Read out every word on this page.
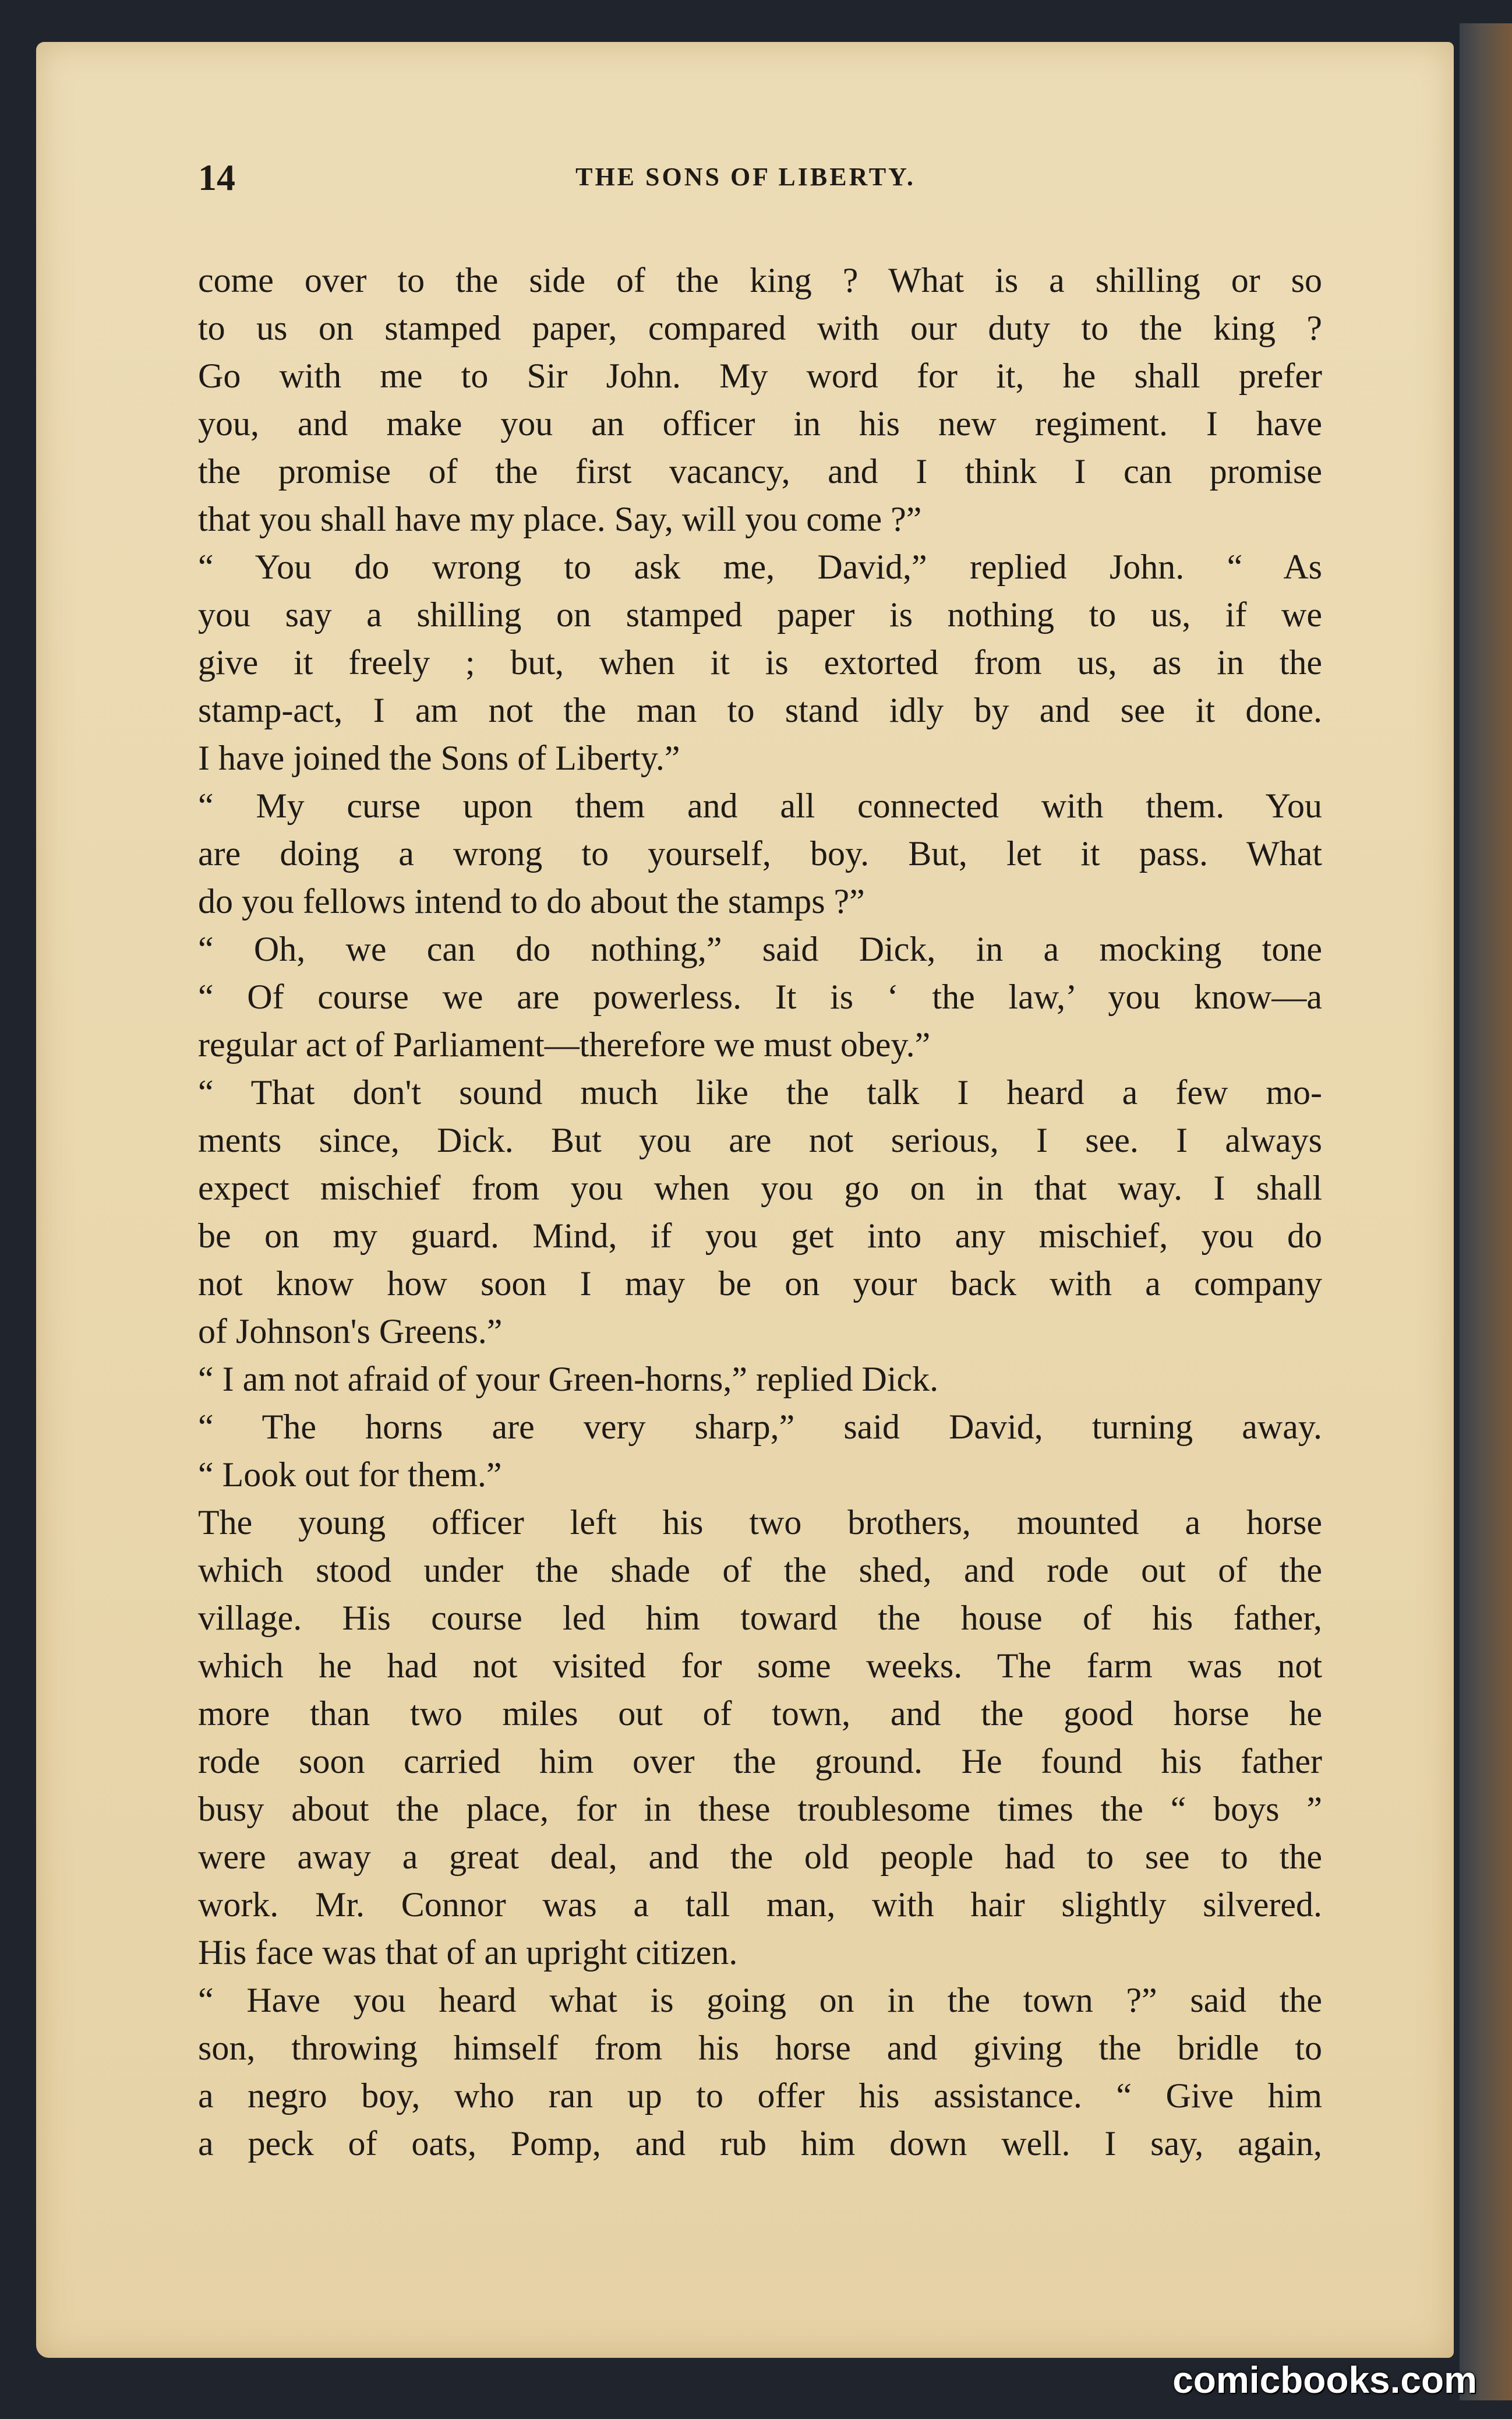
14	THE SONS OF LIBERTY.
come over to the side of the king ? What is a shilling or so
to us on stamped paper, compared with our duty to the king ?
Go with me to Sir John. My word for it, he shall prefer
you, and make you an officer in his new regiment. I have
the promise of the first vacancy, and I think I can promise
that you shall have my place. Say, will you come ?”
“ You do wrong to ask me, David,” replied John. “ As
you say a shilling on stamped paper is nothing to us, if we
give it freely ; but, when it is extorted from us, as in the
stamp-act, I am not the man to stand idly by and see it done.
I have joined the Sons of Liberty.”
“ My curse upon them and all connected with them. You
are doing a wrong to yourself, boy. But, let it pass. What
do you fellows intend to do about the stamps ?”
“ Oh, we can do nothing,” said Dick, in a mocking tone
“ Of course we are powerless. It is ‘ the law,’ you know—a
regular act of Parliament—therefore we must obey.”
“ That don't sound much like the talk I heard a few mo-
ments since, Dick. But you are not serious, I see. I always
expect mischief from you when you go on in that way. I shall
be on my guard. Mind, if you get into any mischief, you do
not know how soon I may be on your back with a company
of Johnson's Greens.”
“ I am not afraid of your Green-horns,” replied Dick.
“ The horns are very sharp,” said David, turning away.
“ Look out for them.”
The young officer left his two brothers, mounted a horse
which stood under the shade of the shed, and rode out of the
village. His course led him toward the house of his father,
which he had not visited for some weeks. The farm was not
more than two miles out of town, and the good horse he
rode soon carried him over the ground. He found his father
busy about the place, for in these troublesome times the “ boys ”
were away a great deal, and the old people had to see to the
work. Mr. Connor was a tall man, with hair slightly silvered.
His face was that of an upright citizen.
“ Have you heard what is going on in the town ?” said the
son, throwing himself from his horse and giving the bridle to
a negro boy, who ran up to offer his assistance. “ Give him
a peck of oats, Pomp, and rub him down well. I say, again,
comicbooks.com
